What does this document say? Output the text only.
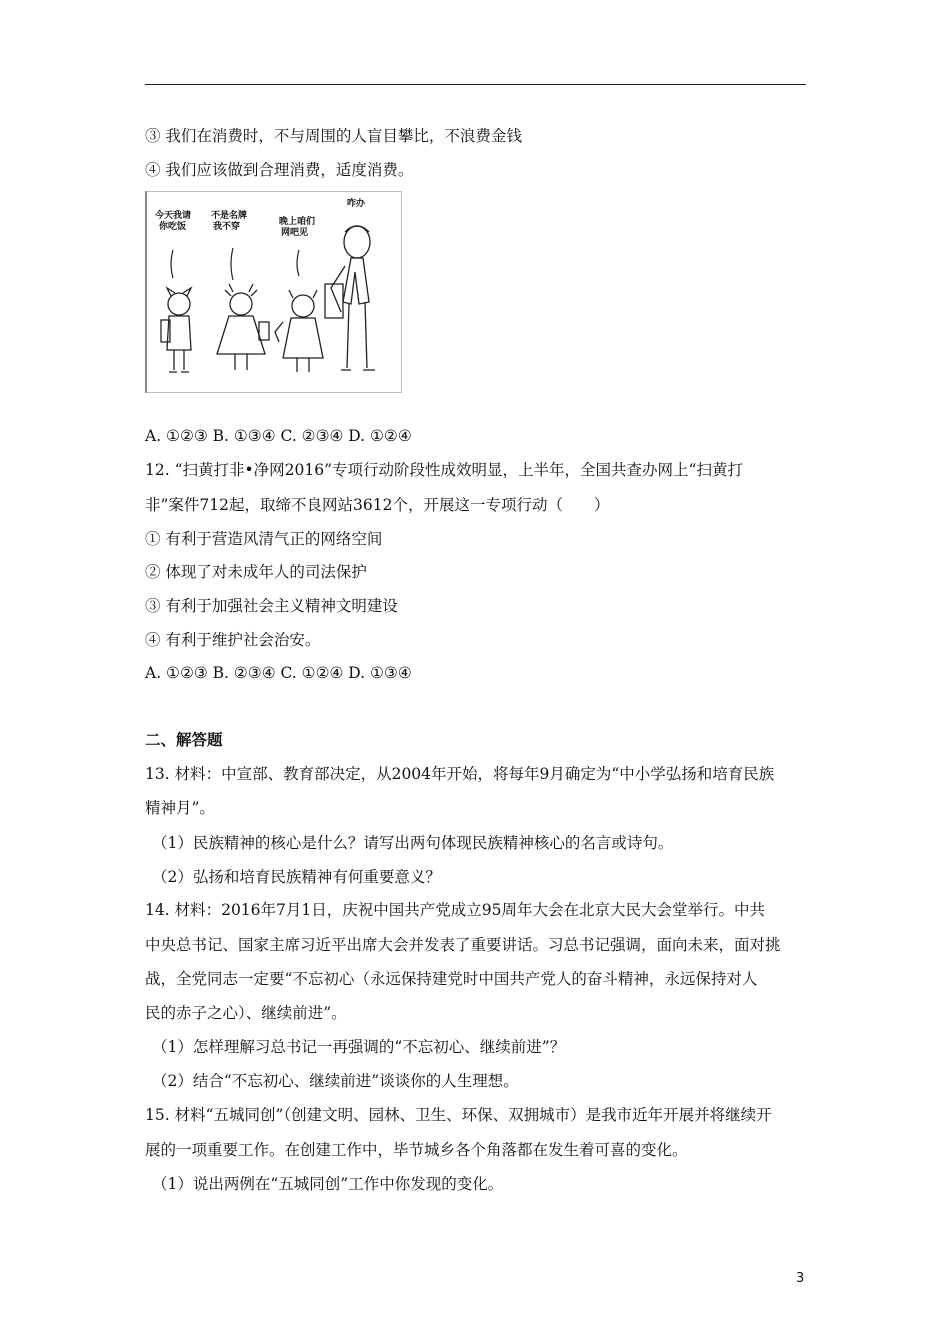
③ 我们在消费时，不与周围的人盲目攀比，不浪费金钱
④ 我们应该做到合理消费，适度消费。
今天我请
你吃饭
不是名牌
我不穿	晚上咱们
网吧见
咋办
A. ①②③ B. ①③④ C. ②③④ D. ①②④
12. “扫黄打非•净网2016”专项行动阶段性成效明显，上半年，全国共查办网上“扫黄打
非”案件712起，取缔不良网站3612个，开展这一专项行动（　　）
① 有利于营造风清气正的网络空间
② 体现了对未成年人的司法保护
③ 有利于加强社会主义精神文明建设
④ 有利于维护社会治安。
A. ①②③ B. ②③④ C. ①②④ D. ①③④
二、解答题
13. 材料：中宣部、教育部决定，从2004年开始，将每年9月确定为“中小学弘扬和培育民族
精神月”。
（1）民族精神的核心是什么？请写出两句体现民族精神核心的名言或诗句。
（2）弘扬和培育民族精神有何重要意义？
14. 材料：2016年7月1日，庆祝中国共产党成立95周年大会在北京大民大会堂举行。中共
中央总书记、国家主席习近平出席大会并发表了重要讲话。习总书记强调，面向未来，面对挑
战，全党同志一定要“不忘初心（永远保持建党时中国共产党人的奋斗精神，永远保持对人
民的赤子之心）、继续前进”。
（1）怎样理解习总书记一再强调的“不忘初心、继续前进”？
（2）结合“不忘初心、继续前进”谈谈你的人生理想。
15. 材料“五城同创”（创建文明、园林、卫生、环保、双拥城市）是我市近年开展并将继续开
展的一项重要工作。在创建工作中，毕节城乡各个角落都在发生着可喜的变化。
（1）说出两例在“五城同创”工作中你发现的变化。
3
